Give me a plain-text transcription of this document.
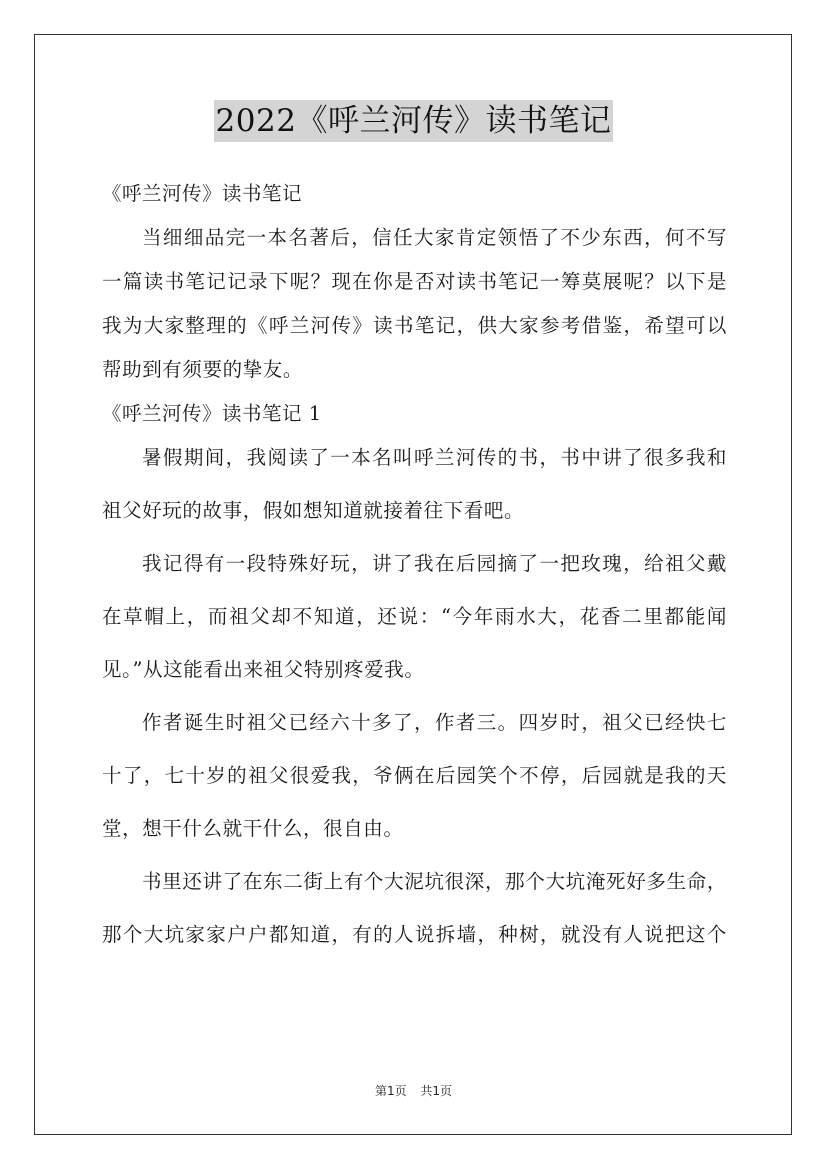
2022《呼兰河传》读书笔记
《呼兰河传》读书笔记
当细细品完一本名著后，信任大家肯定领悟了不少东西，何不写
一篇读书笔记记录下呢？现在你是否对读书笔记一筹莫展呢？以下是
我为大家整理的《呼兰河传》读书笔记，供大家参考借鉴，希望可以
帮助到有须要的挚友。
《呼兰河传》读书笔记 1
暑假期间，我阅读了一本名叫呼兰河传的书，书中讲了很多我和
祖父好玩的故事，假如想知道就接着往下看吧。
我记得有一段特殊好玩，讲了我在后园摘了一把玫瑰，给祖父戴
在草帽上，而祖父却不知道，还说：“今年雨水大，花香二里都能闻
见。”从这能看出来祖父特别疼爱我。
作者诞生时祖父已经六十多了，作者三。四岁时，祖父已经快七
十了，七十岁的祖父很爱我，爷俩在后园笑个不停，后园就是我的天
堂，想干什么就干什么，很自由。
书里还讲了在东二街上有个大泥坑很深，那个大坑淹死好多生命，
那个大坑家家户户都知道，有的人说拆墙，种树，就没有人说把这个
第1页 共1页
